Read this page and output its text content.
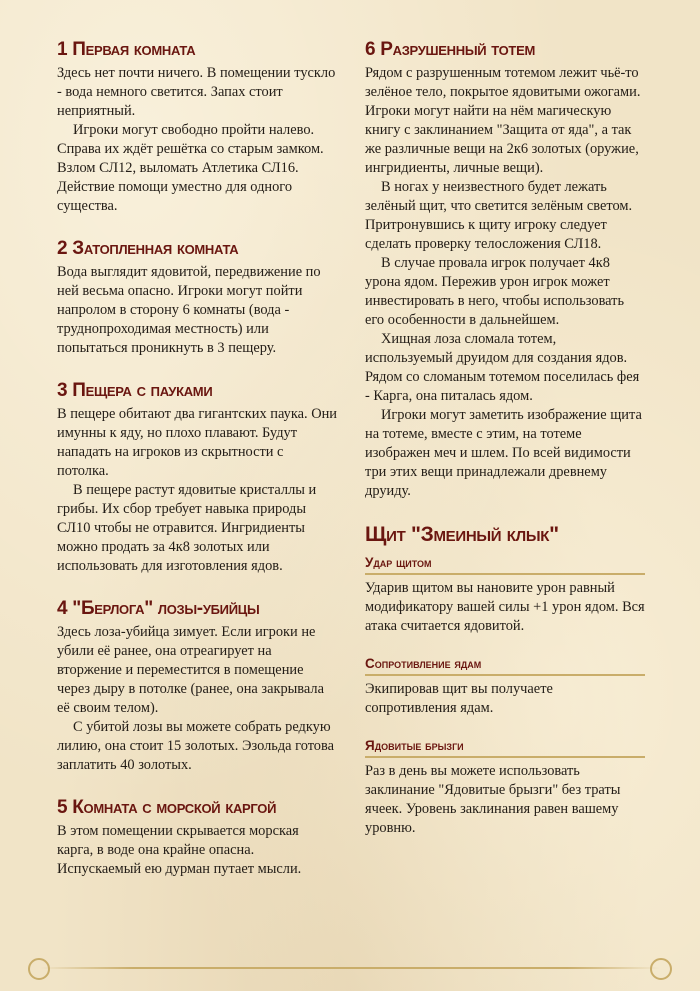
1 Первая комната

Здесь нет почти ничего. В помещении тускло - вода немного светится. Запах стоит неприятный.

Игроки могут свободно пройти налево. Справа их ждёт решётка со старым замком. Взлом СЛ12, выломать Атлетика СЛ16. Действие помощи уместно для одного существа.

2 Затопленная комната

Вода выглядит ядовитой, передвижение по ней весьма опасно. Игроки могут пойти напролом в сторону 6 комнаты (вода - труднопроходимая местность) или попытаться проникнуть в 3 пещеру.

3 Пещера с пауками

В пещере обитают два гигантских паука. Они имунны к яду, но плохо плавают. Будут нападать на игроков из скрытности с потолка.

В пещере растут ядовитые кристаллы и грибы. Их сбор требует навыка природы СЛ10 чтобы не отравится. Ингридиенты можно продать за 4к8 золотых или использовать для изготовления ядов.

4 "Берлога" лозы-убийцы

Здесь лоза-убийца зимует. Если игроки не убили её ранее, она отреагирует на вторжение и переместится в помещение через дыру в потолке (ранее, она закрывала её своим телом).

С убитой лозы вы можете собрать редкую лилию, она стоит 15 золотых. Эзольда готова заплатить 40 золотых.

5 Комната с морской каргой

В этом помещении скрывается морская карга, в воде она крайне опасна. Испускаемый ею дурман путает мысли.

6 Разрушенный тотем

Рядом с разрушенным тотемом лежит чьё-то зелёное тело, покрытое ядовитыми ожогами. Игроки могут найти на нём магическую книгу с заклинанием "Защита от яда", а так же различные вещи на 2к6 золотых (оружие, ингридиенты, личные вещи).

В ногах у неизвестного будет лежать зелёный щит, что светится зелёным светом. Притронувшись к щиту игроку следует сделать проверку телосложения СЛ18.

В случае провала игрок получает 4к8 урона ядом. Пережив урон игрок может инвестировать в него, чтобы использовать его особенности в дальнейшем.

Хищная лоза сломала тотем, используемый друидом для создания ядов. Рядом со сломаным тотемом поселилась фея - Карга, она питалась ядом.

Игроки могут заметить изображение щита на тотеме, вместе с этим, на тотеме изображен меч и шлем. По всей видимости три этих вещи принадлежали древнему друиду.

Щит "Змеиный клык"
Удар щитом

Ударив щитом вы нановите урон равный модификатору вашей силы +1 урон ядом. Вся атака считается ядовитой.

Сопротивление ядам

Экипировав щит вы получаете сопротивления ядам.

Ядовитые брызги

Раз в день вы можете использовать заклинание "Ядовитые брызги" без траты ячеек. Уровень заклинания равен вашему уровню.
